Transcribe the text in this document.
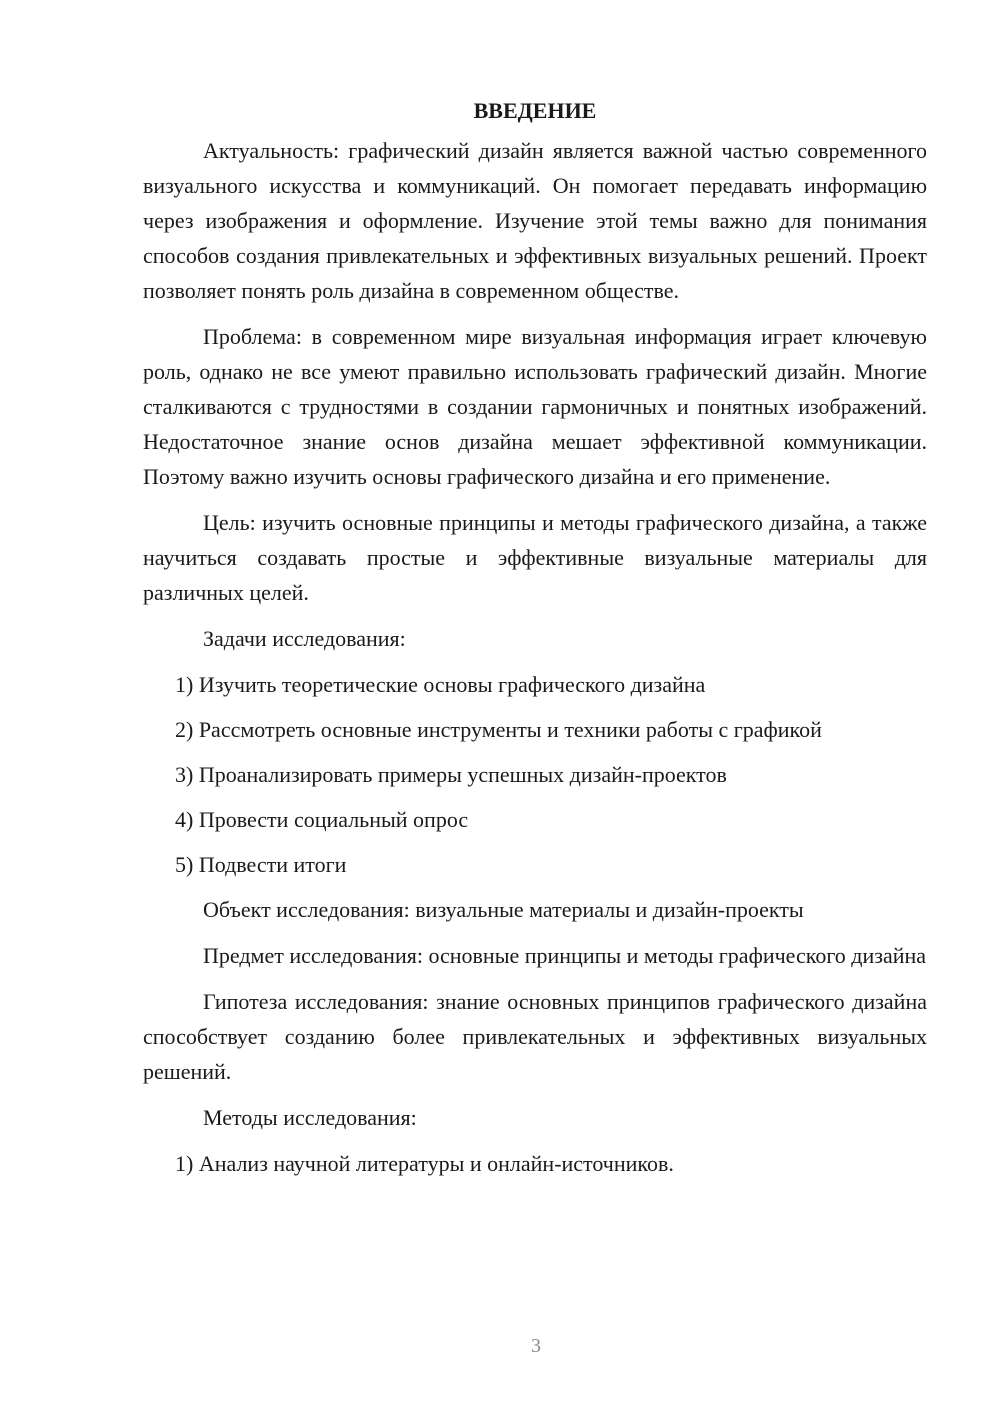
ВВЕДЕНИЕ

Актуальность: графический дизайн является важной частью современного визуального искусства и коммуникаций. Он помогает передавать информацию через изображения и оформление. Изучение этой темы важно для понимания способов создания привлекательных и эффективных визуальных решений. Проект позволяет понять роль дизайна в современном обществе.

Проблема: в современном мире визуальная информация играет ключевую роль, однако не все умеют правильно использовать графический дизайн. Многие сталкиваются с трудностями в создании гармоничных и понятных изображений. Недостаточное знание основ дизайна мешает эффективной коммуникации. Поэтому важно изучить основы графического дизайна и его применение.

Цель: изучить основные принципы и методы графического дизайна, а также научиться создавать простые и эффективные визуальные материалы для различных целей.

Задачи исследования:

1) Изучить теоретические основы графического дизайна
2) Рассмотреть основные инструменты и техники работы с графикой
3) Проанализировать примеры успешных дизайн-проектов
4) Провести социальный опрос
5) Подвести итоги

Объект исследования: визуальные материалы и дизайн-проекты

Предмет исследования: основные принципы и методы графического дизайна

Гипотеза исследования: знание основных принципов графического дизайна способствует созданию более привлекательных и эффективных визуальных решений.

Методы исследования:

1) Анализ научной литературы и онлайн-источников.
3
